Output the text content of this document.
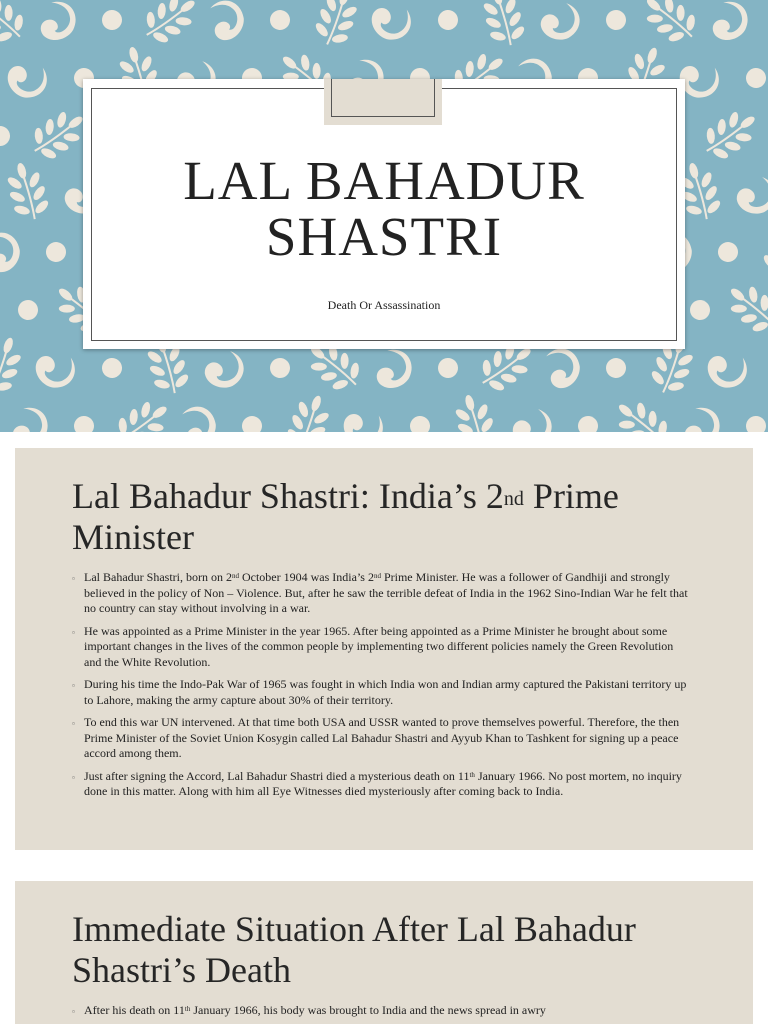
LAL BAHADUR
SHASTRI
Death Or Assassination
Lal Bahadur Shastri: India’s 2nd Prime Minister
▫ Lal Bahadur Shastri, born on 2nd October 1904 was India’s 2nd Prime Minister. He was a follower of Gandhiji and strongly believed in the policy of Non – Violence. But, after he saw the terrible defeat of India in the 1962 Sino-Indian War he felt that no country can stay without involving in a war.
▫ He was appointed as a Prime Minister in the year 1965. After being appointed as a Prime Minister he brought about some important changes in the lives of the common people by implementing two different policies namely the Green Revolution and the White Revolution.
▫ During his time the Indo-Pak War of 1965 was fought in which India won and Indian army captured the Pakistani territory up to Lahore, making the army capture about 30% of their territory.
▫ To end this war UN intervened. At that time both USA and USSR wanted to prove themselves powerful. Therefore, the then Prime Minister of the Soviet Union Kosygin called Lal Bahadur Shastri and Ayyub Khan to Tashkent for signing up a peace accord among them.
▫ Just after signing the Accord, Lal Bahadur Shastri died a mysterious death on 11th January 1966. No post mortem, no inquiry done in this matter. Along with him all Eye Witnesses died mysteriously after coming back to India.
Immediate Situation After Lal Bahadur Shastri’s Death
▫ After his death on 11th January 1966, his body was brought to India and the news spread in awry
